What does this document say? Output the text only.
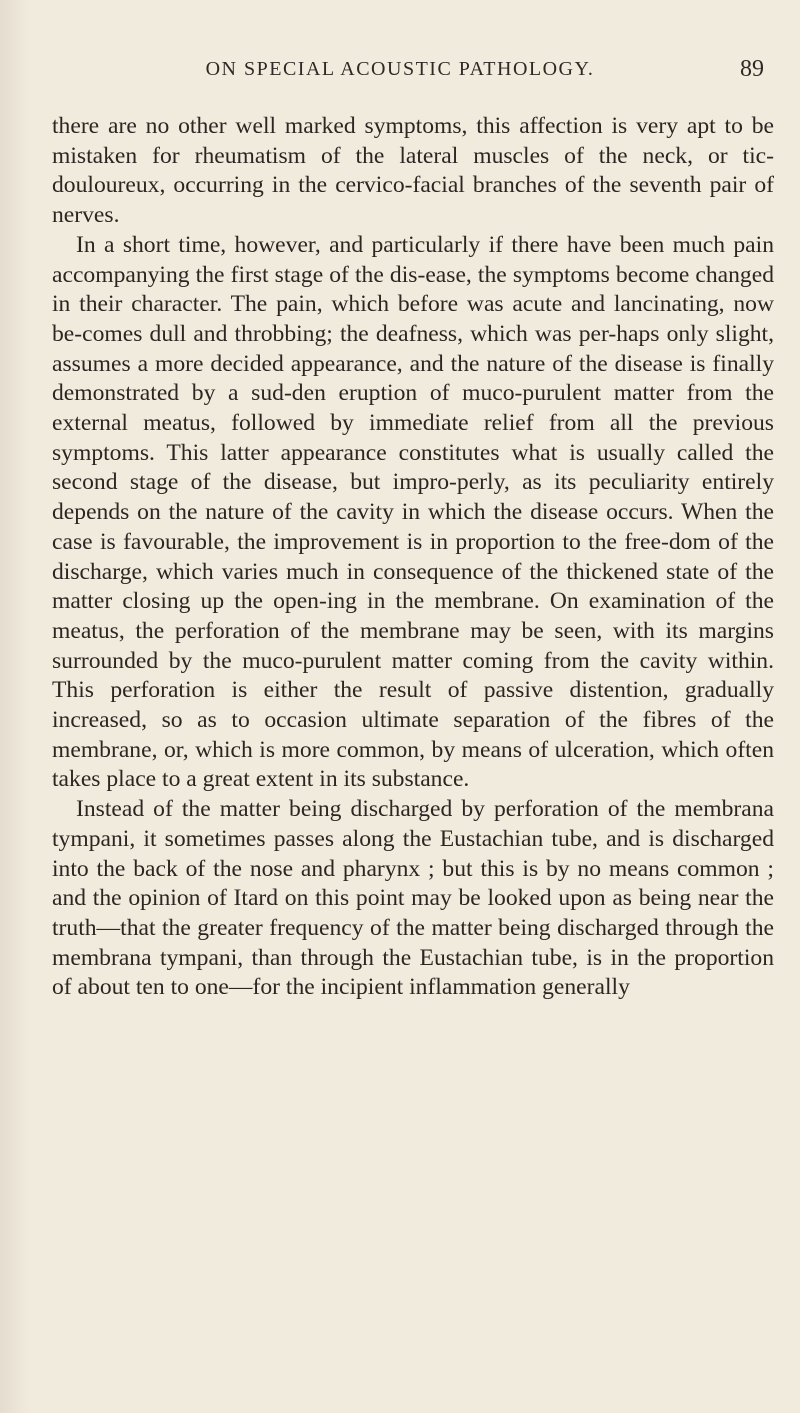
ON SPECIAL ACOUSTIC PATHOLOGY.	89

there are no other well marked symptoms, this affection is very apt to be mistaken for rheumatism of the lateral muscles of the neck, or tic-douloureux, occurring in the cervico-facial branches of the seventh pair of nerves.

In a short time, however, and particularly if there have been much pain accompanying the first stage of the dis-ease, the symptoms become changed in their character. The pain, which before was acute and lancinating, now be-comes dull and throbbing; the deafness, which was per-haps only slight, assumes a more decided appearance, and the nature of the disease is finally demonstrated by a sud-den eruption of muco-purulent matter from the external meatus, followed by immediate relief from all the previous symptoms. This latter appearance constitutes what is usually called the second stage of the disease, but impro-perly, as its peculiarity entirely depends on the nature of the cavity in which the disease occurs. When the case is favourable, the improvement is in proportion to the free-dom of the discharge, which varies much in consequence of the thickened state of the matter closing up the open-ing in the membrane. On examination of the meatus, the perforation of the membrane may be seen, with its margins surrounded by the muco-purulent matter coming from the cavity within. This perforation is either the result of passive distention, gradually increased, so as to occasion ultimate separation of the fibres of the membrane, or, which is more common, by means of ulceration, which often takes place to a great extent in its substance.

Instead of the matter being discharged by perforation of the membrana tympani, it sometimes passes along the Eustachian tube, and is discharged into the back of the nose and pharynx ; but this is by no means common ; and the opinion of Itard on this point may be looked upon as being near the truth—that the greater frequency of the matter being discharged through the membrana tympani, than through the Eustachian tube, is in the proportion of about ten to one—for the incipient inflammation generally
